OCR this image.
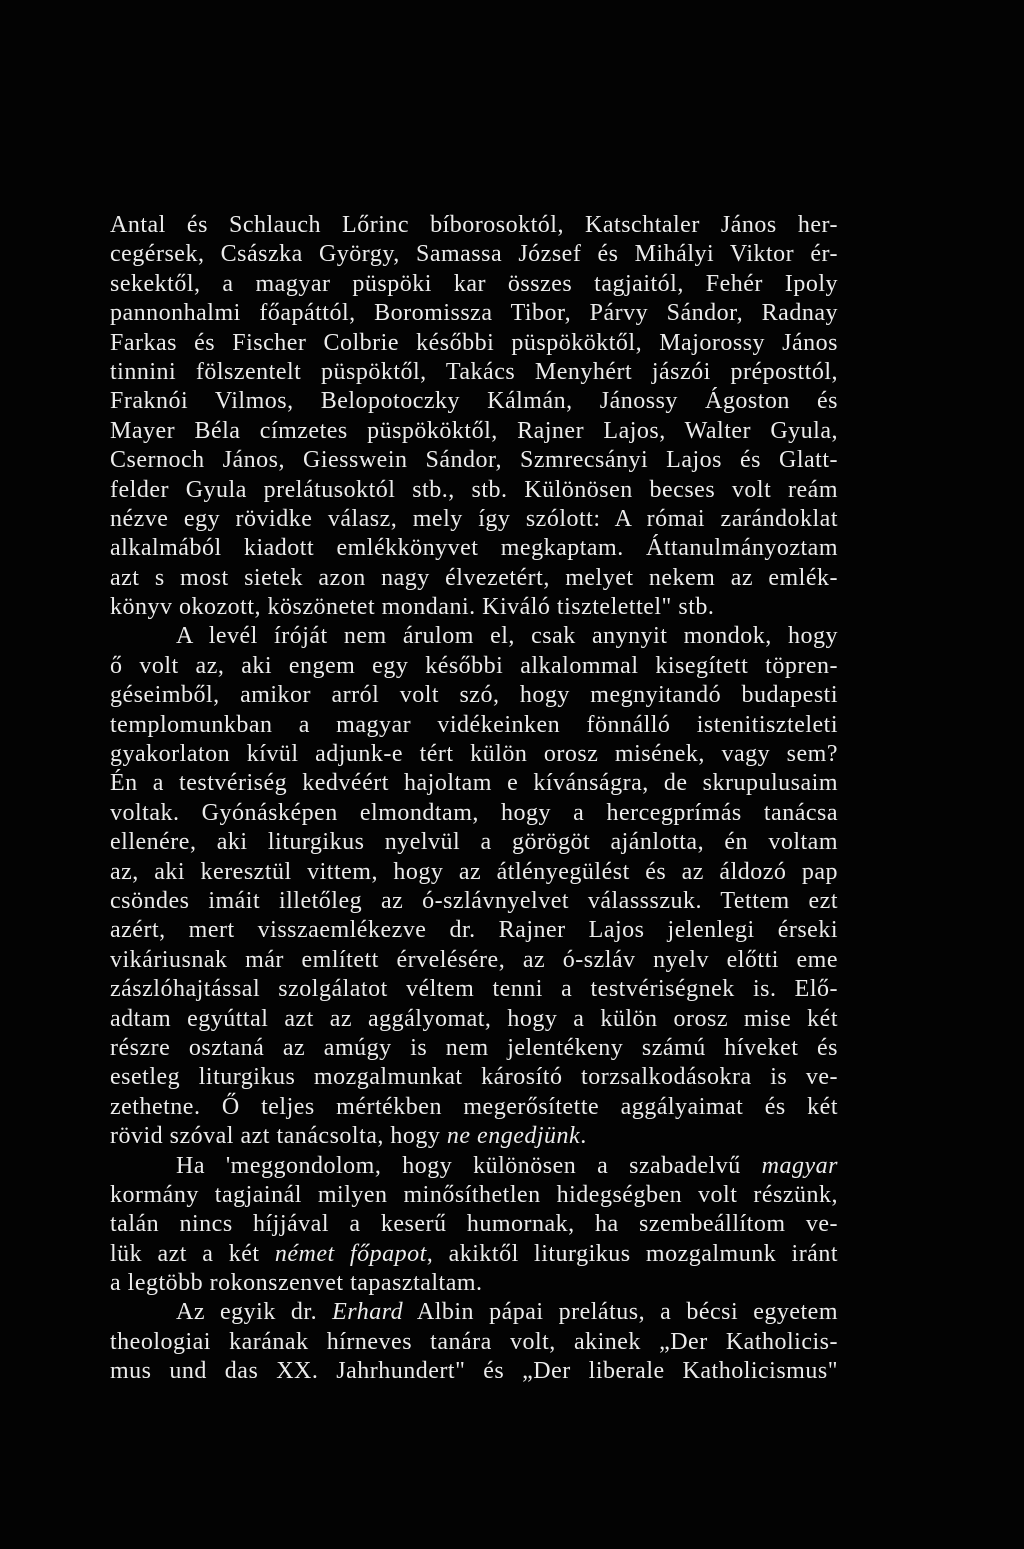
Antal és Schlauch Lőrinc bíborosoktól, Katschtaler János her-
cegérsek, Császka György, Samassa József és Mihályi Viktor ér-
sekektől, a magyar püspöki kar összes tagjaitól, Fehér Ipoly
pannonhalmi főapáttól, Boromissza Tibor, Párvy Sándor, Radnay
Farkas és Fischer Colbrie későbbi püspököktől, Majorossy János
tinnini fölszentelt püspöktől, Takács Menyhért jászói préposttól,
Fraknói Vilmos, Belopotoczky Kálmán, Jánossy Ágoston és
Mayer Béla címzetes püspököktől, Rajner Lajos, Walter Gyula,
Csernoch János, Giesswein Sándor, Szmrecsányi Lajos és Glatt-
felder Gyula prelátusoktól stb., stb. Különösen becses volt reám
nézve egy rövidke válasz, mely így szólott: A római zarándoklat
alkalmából kiadott emlékkönyvet megkaptam. Áttanulmányoztam
azt s most sietek azon nagy élvezetért, melyet nekem az emlék-
könyv okozott, köszönetet mondani. Kiváló tisztelettel" stb.
A levél íróját nem árulom el, csak anynyit mondok, hogy
ő volt az, aki engem egy későbbi alkalommal kisegített töpren-
géseimből, amikor arról volt szó, hogy megnyitandó budapesti
templomunkban a magyar vidékeinken fönnálló istenitiszteleti
gyakorlaton kívül adjunk-e tért külön orosz misének, vagy sem?
Én a testvériség kedvéért hajoltam e kívánságra, de skrupulusaim
voltak. Gyónásképen elmondtam, hogy a hercegprímás tanácsa
ellenére, aki liturgikus nyelvül a görögöt ajánlotta, én voltam
az, aki keresztül vittem, hogy az átlényegülést és az áldozó pap
csöndes imáit illetőleg az ó-szlávnyelvet válassszuk. Tettem ezt
azért, mert visszaemlékezve dr. Rajner Lajos jelenlegi érseki
vikáriusnak már említett érvelésére, az ó-szláv nyelv előtti eme
zászlóhajtással szolgálatot véltem tenni a testvériségnek is. Elő-
adtam egyúttal azt az aggályomat, hogy a külön orosz mise két
részre osztaná az amúgy is nem jelentékeny számú híveket és
esetleg liturgikus mozgalmunkat károsító torzsalkodásokra is ve-
zethetne. Ő teljes mértékben megerősítette aggályaimat és két
rövid szóval azt tanácsolta, hogy ne engedjünk.
Ha 'meggondolom, hogy különösen a szabadelvű magyar
kormány tagjainál milyen minősíthetlen hidegségben volt részünk,
talán nincs híjjával a keserű humornak, ha szembeállítom ve-
lük azt a két német főpapot, akiktől liturgikus mozgalmunk iránt
a legtöbb rokonszenvet tapasztaltam.
Az egyik dr. Erhard Albin pápai prelátus, a bécsi egyetem
theologiai karának hírneves tanára volt, akinek „Der Katholicis-
mus und das XX. Jahrhundert" és „Der liberale Katholicismus"
